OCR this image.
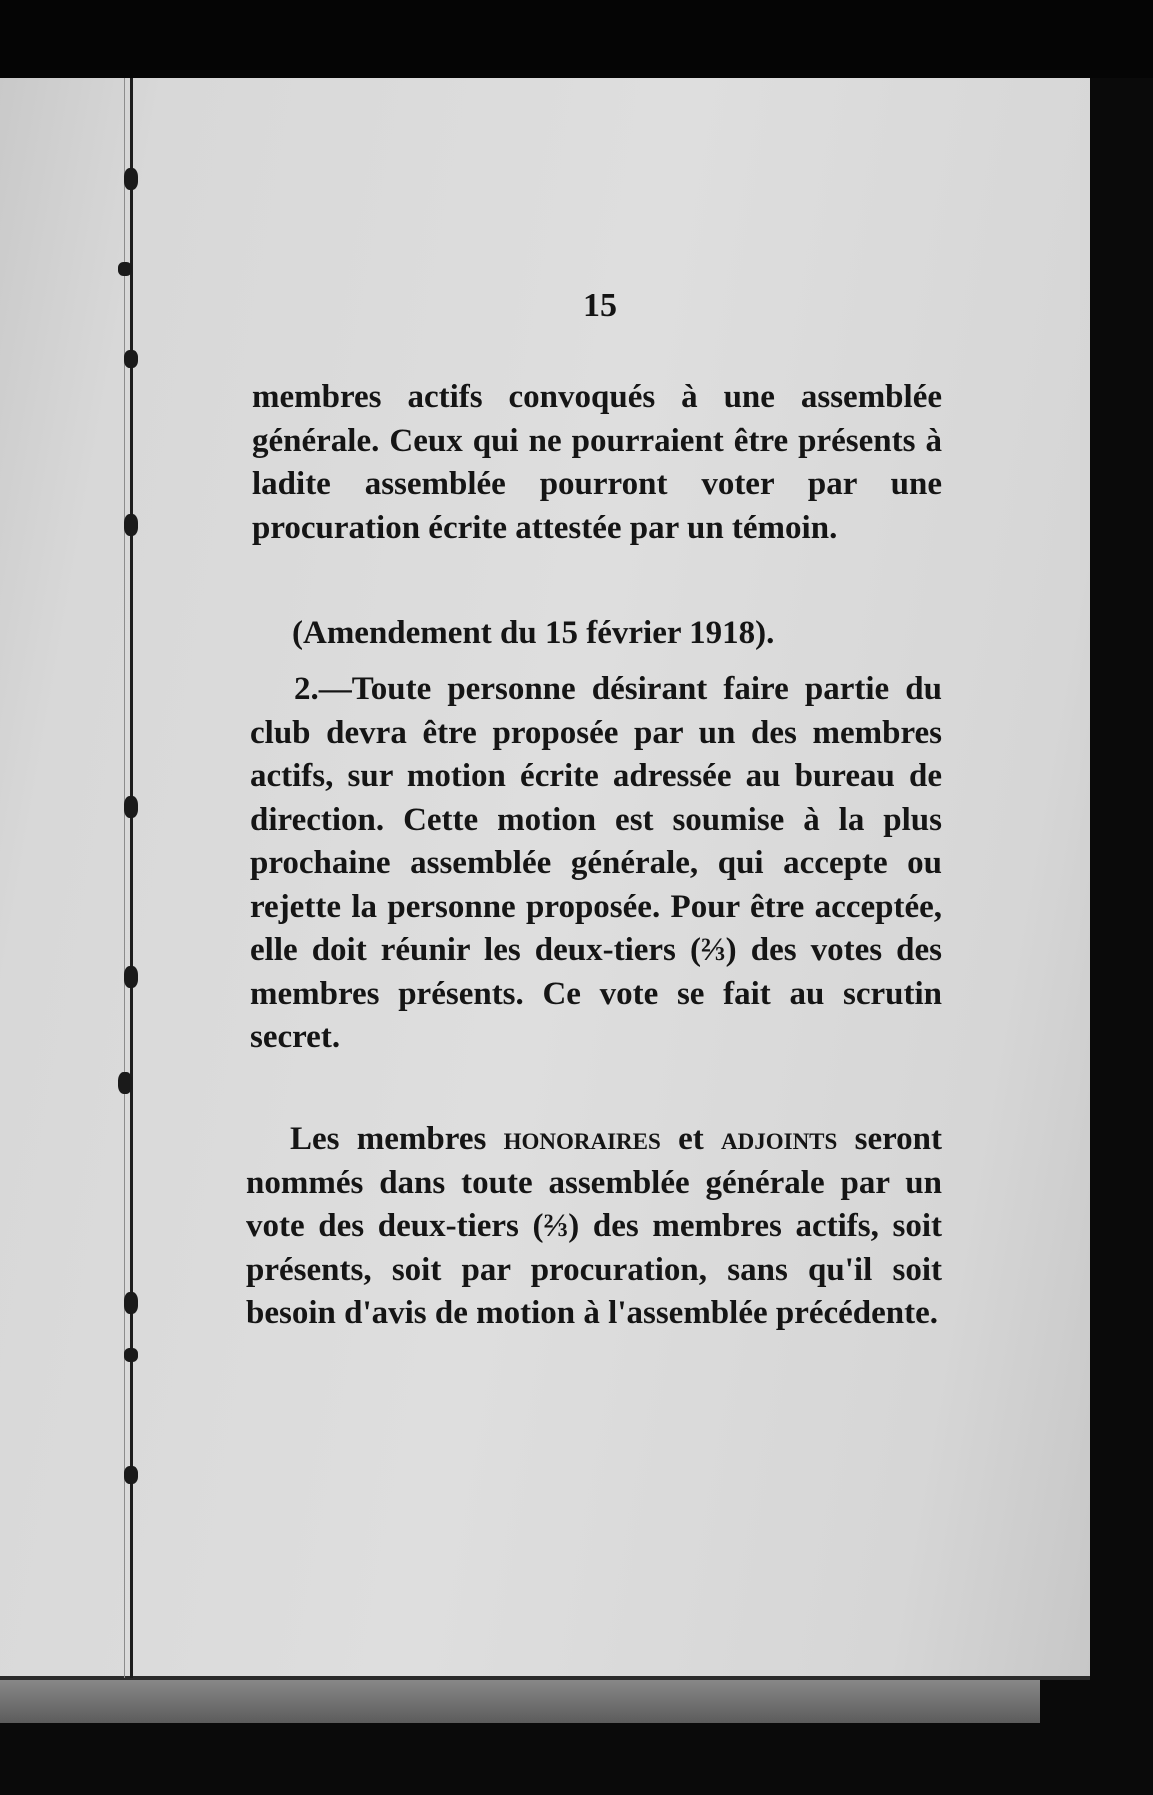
15

membres actifs convoqués à une assemblée générale. Ceux qui ne pourraient être présents à ladite assemblée pourront voter par une procuration écrite attestée par un témoin.

(Amendement du 15 février 1918).

2.—Toute personne désirant faire partie du club devra être proposée par un des membres actifs, sur motion écrite adressée au bureau de direction. Cette motion est soumise à la plus prochaine assemblée générale, qui accepte ou rejette la personne proposée. Pour être acceptée, elle doit réunir les deux-tiers (⅔) des votes des membres présents. Ce vote se fait au scrutin secret.

Les membres honoraires et adjoints seront nommés dans toute assemblée générale par un vote des deux-tiers (⅔) des membres actifs, soit présents, soit par procuration, sans qu'il soit besoin d'avis de motion à l'assemblée précédente.
